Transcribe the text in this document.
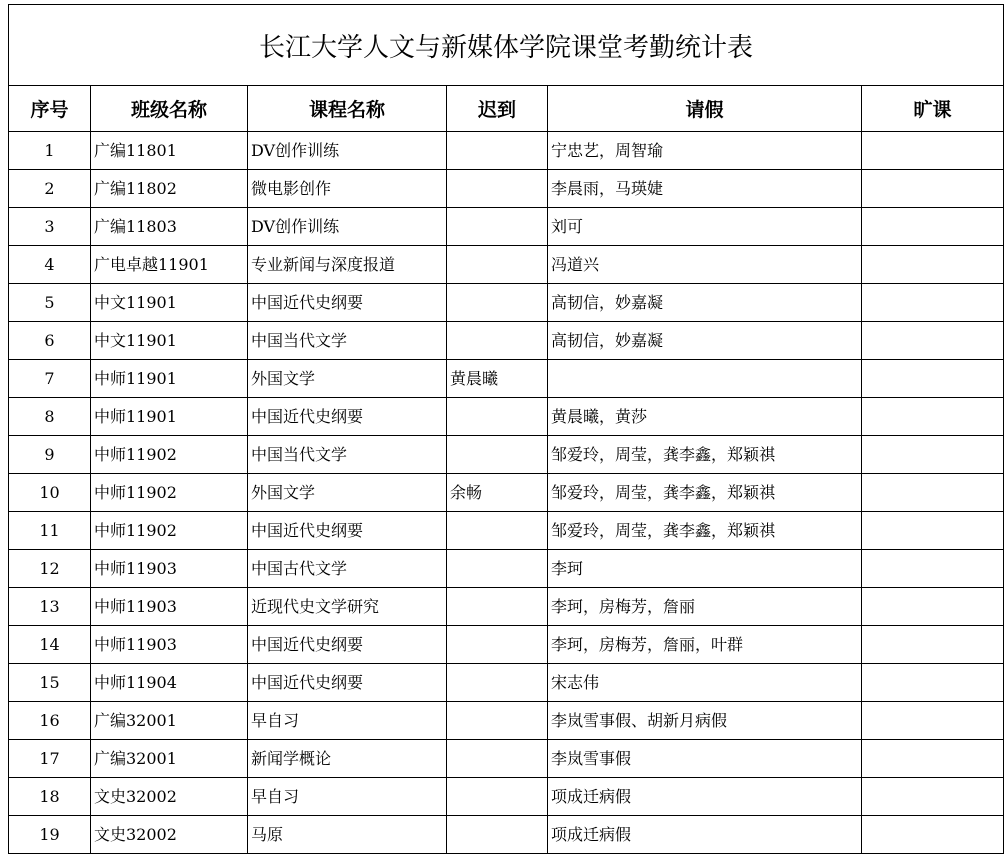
长江大学人文与新媒体学院课堂考勤统计表					
序号	班级名称	课程名称	迟到	请假	旷课
1	广编11801	DV创作训练		宁忠艺，周智瑜	
2	广编11802	微电影创作		李晨雨，马瑛婕	
3	广编11803	DV创作训练		刘可	
4	广电卓越11901	专业新闻与深度报道		冯道兴	
5	中文11901	中国近代史纲要		高韧信，妙嘉凝	
6	中文11901	中国当代文学		高韧信，妙嘉凝	
7	中师11901	外国文学	黄晨曦		
8	中师11901	中国近代史纲要		黄晨曦，黄莎	
9	中师11902	中国当代文学		邹爱玲，周莹，龚李鑫，郑颖祺	
10	中师11902	外国文学	余畅	邹爱玲，周莹，龚李鑫，郑颖祺	
11	中师11902	中国近代史纲要		邹爱玲，周莹，龚李鑫，郑颖祺	
12	中师11903	中国古代文学		李珂	
13	中师11903	近现代史文学研究		李珂，房梅芳，詹丽	
14	中师11903	中国近代史纲要		李珂，房梅芳，詹丽，叶群	
15	中师11904	中国近代史纲要		宋志伟	
16	广编32001	早自习		李岚雪事假、胡新月病假	
17	广编32001	新闻学概论		李岚雪事假	
18	文史32002	早自习		项成迁病假	
19	文史32002	马原		项成迁病假	
